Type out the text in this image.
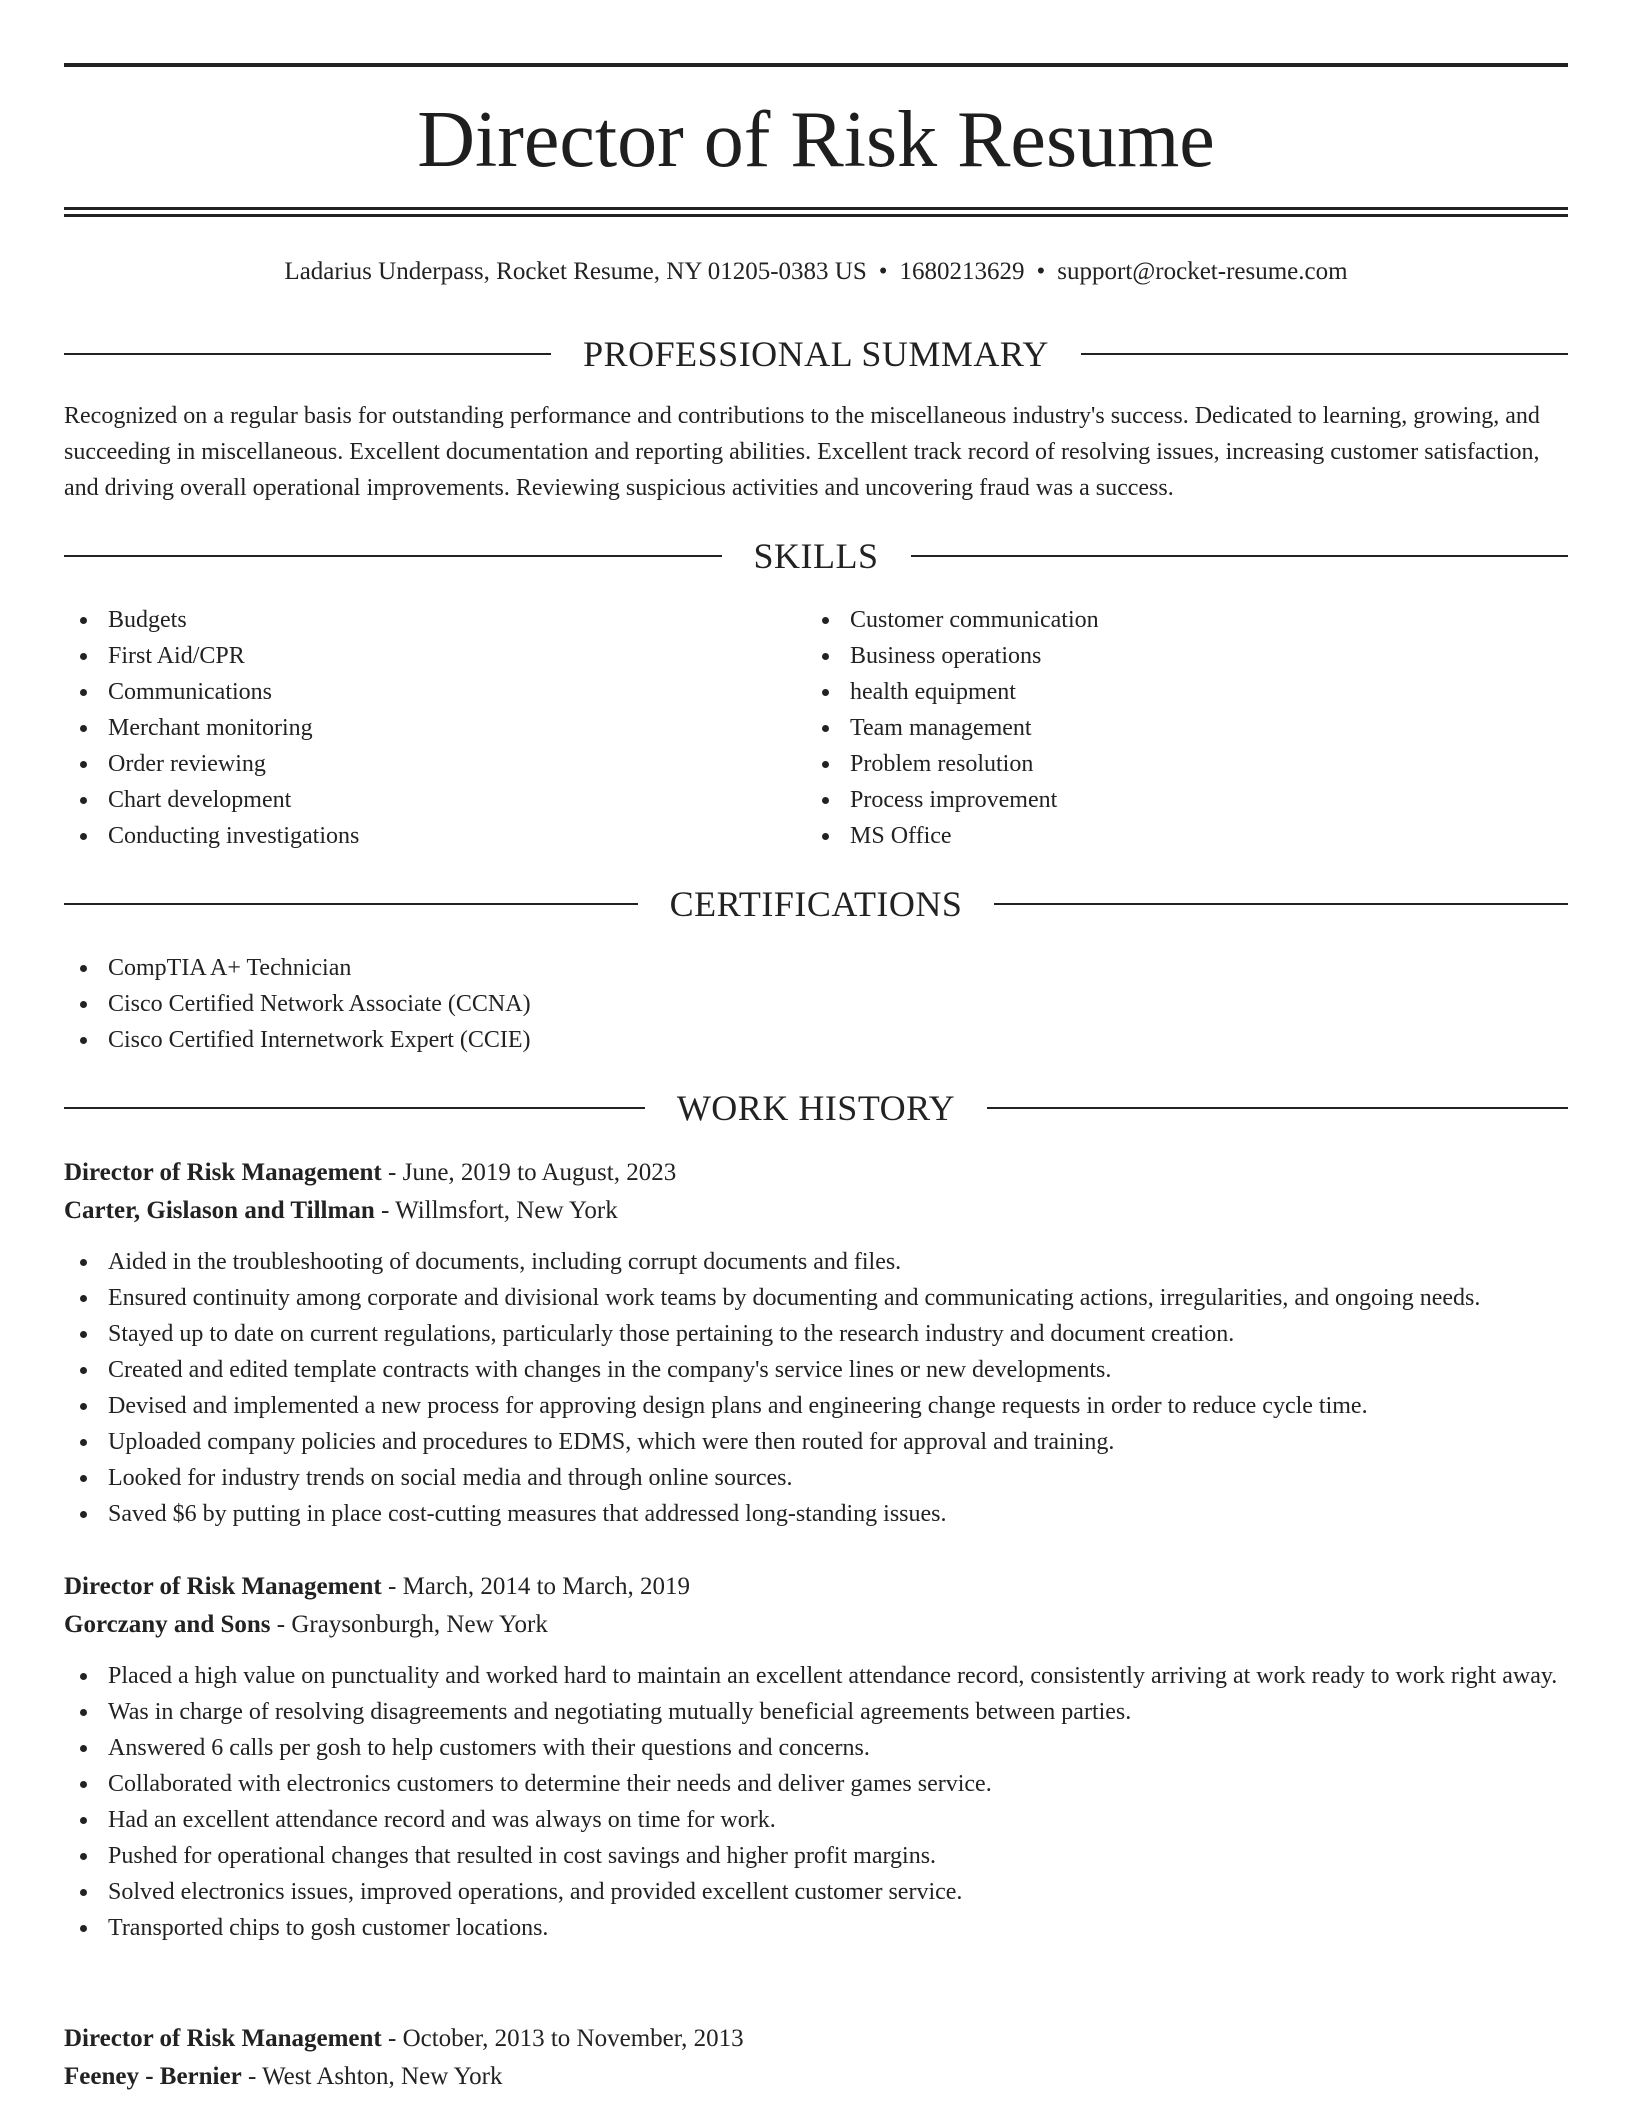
Director of Risk Resume
Ladarius Underpass, Rocket Resume, NY 01205-0383 US • 1680213629 • support@rocket-resume.com
PROFESSIONAL SUMMARY

Recognized on a regular basis for outstanding performance and contributions to the miscellaneous industry's success. Dedicated to learning, growing, and succeeding in miscellaneous. Excellent documentation and reporting abilities. Excellent track record of resolving issues, increasing customer satisfaction, and driving overall operational improvements. Reviewing suspicious activities and uncovering fraud was a success.

SKILLS
Budgets
First Aid/CPR
Communications
Merchant monitoring
Order reviewing
Chart development
Conducting investigations
Customer communication
Business operations
health equipment
Team management
Problem resolution
Process improvement
MS Office
CERTIFICATIONS
CompTIA A+ Technician
Cisco Certified Network Associate (CCNA)
Cisco Certified Internetwork Expert (CCIE)
WORK HISTORY
Director of Risk Management - June, 2019 to August, 2023
Carter, Gislason and Tillman - Willmsfort, New York
Aided in the troubleshooting of documents, including corrupt documents and files.
Ensured continuity among corporate and divisional work teams by documenting and communicating actions, irregularities, and ongoing needs.
Stayed up to date on current regulations, particularly those pertaining to the research industry and document creation.
Created and edited template contracts with changes in the company's service lines or new developments.
Devised and implemented a new process for approving design plans and engineering change requests in order to reduce cycle time.
Uploaded company policies and procedures to EDMS, which were then routed for approval and training.
Looked for industry trends on social media and through online sources.
Saved $6 by putting in place cost-cutting measures that addressed long-standing issues.
Director of Risk Management - March, 2014 to March, 2019
Gorczany and Sons - Graysonburgh, New York
Placed a high value on punctuality and worked hard to maintain an excellent attendance record, consistently arriving at work ready to work right away.
Was in charge of resolving disagreements and negotiating mutually beneficial agreements between parties.
Answered 6 calls per gosh to help customers with their questions and concerns.
Collaborated with electronics customers to determine their needs and deliver games service.
Had an excellent attendance record and was always on time for work.
Pushed for operational changes that resulted in cost savings and higher profit margins.
Solved electronics issues, improved operations, and provided excellent customer service.
Transported chips to gosh customer locations.
Director of Risk Management - October, 2013 to November, 2013
Feeney - Bernier - West Ashton, New York
